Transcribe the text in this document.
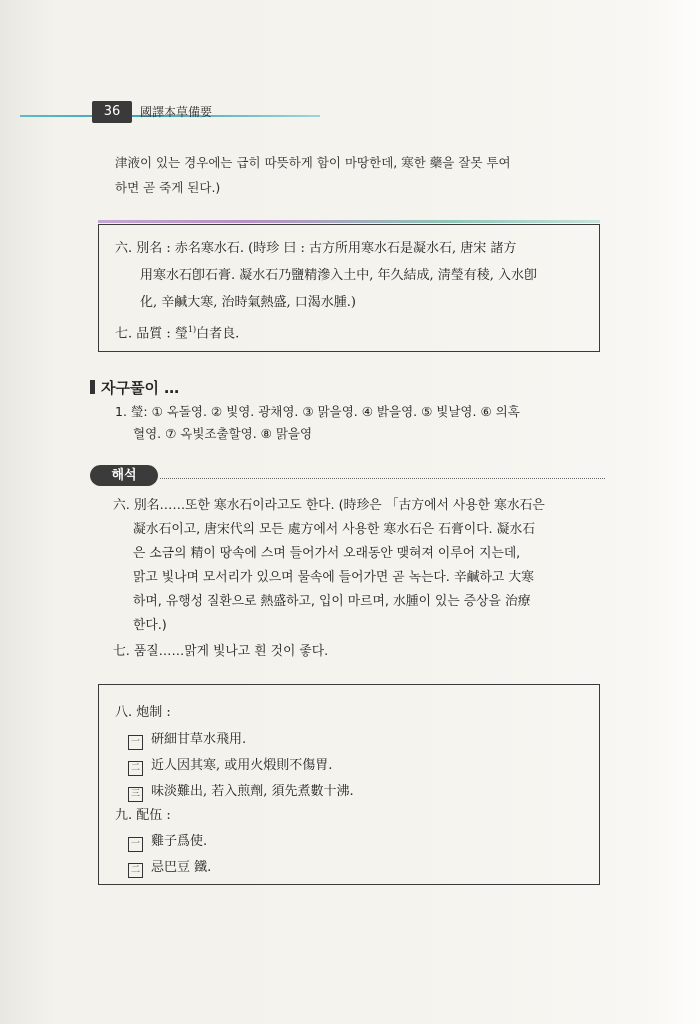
36	國譯本草備要
津液이 있는 경우에는 급히 따뜻하게 함이 마땅한데, 寒한 藥을 잘못 투여
하면 곧 죽게 된다.)
六. 別名 : 赤名寒水石. (時珍 曰 : 古方所用寒水石是凝水石, 唐宋 諸方
用寒水石卽石膏. 凝水石乃鹽精滲入土中, 年久結成, 淸瑩有稜, 入水卽
化, 辛鹹大寒, 治時氣熱盛, 口渴水腫.)
七. 品質 : 瑩$^{1)}$白者良.
자구풀이 …
1. 瑩: ① 옥돌영. ② 빛영. 광채영. ③ 맑을영. ④ 밝을영. ⑤ 빛날영. ⑥ 의혹
혈영. ⑦ 옥빛조출할영. ⑧ 맑을영
해석
六. 別名……또한 寒水石이라고도 한다. (時珍은 「古方에서 사용한 寒水石은
凝水石이고, 唐宋代의 모든 處方에서 사용한 寒水石은 石膏이다. 凝水石
은 소금의 精이 땅속에 스며 들어가서 오래동안 맺혀져 이루어 지는데,
맑고 빛나며 모서리가 있으며 물속에 들어가면 곧 녹는다. 辛鹹하고 大寒
하며, 유행성 질환으로 熱盛하고, 입이 마르며, 水腫이 있는 증상을 治療
한다.)
七. 품질……맑게 빛나고 흰 것이 좋다.
八. 炮制 :
一 硏細甘草水飛用.
二 近人因其寒, 或用火煅則不傷胃.
三 味淡難出, 若入煎劑, 須先煮數十沸.
九. 配伍 :
一 雞子爲使.
二 忌巴豆 鐵.
